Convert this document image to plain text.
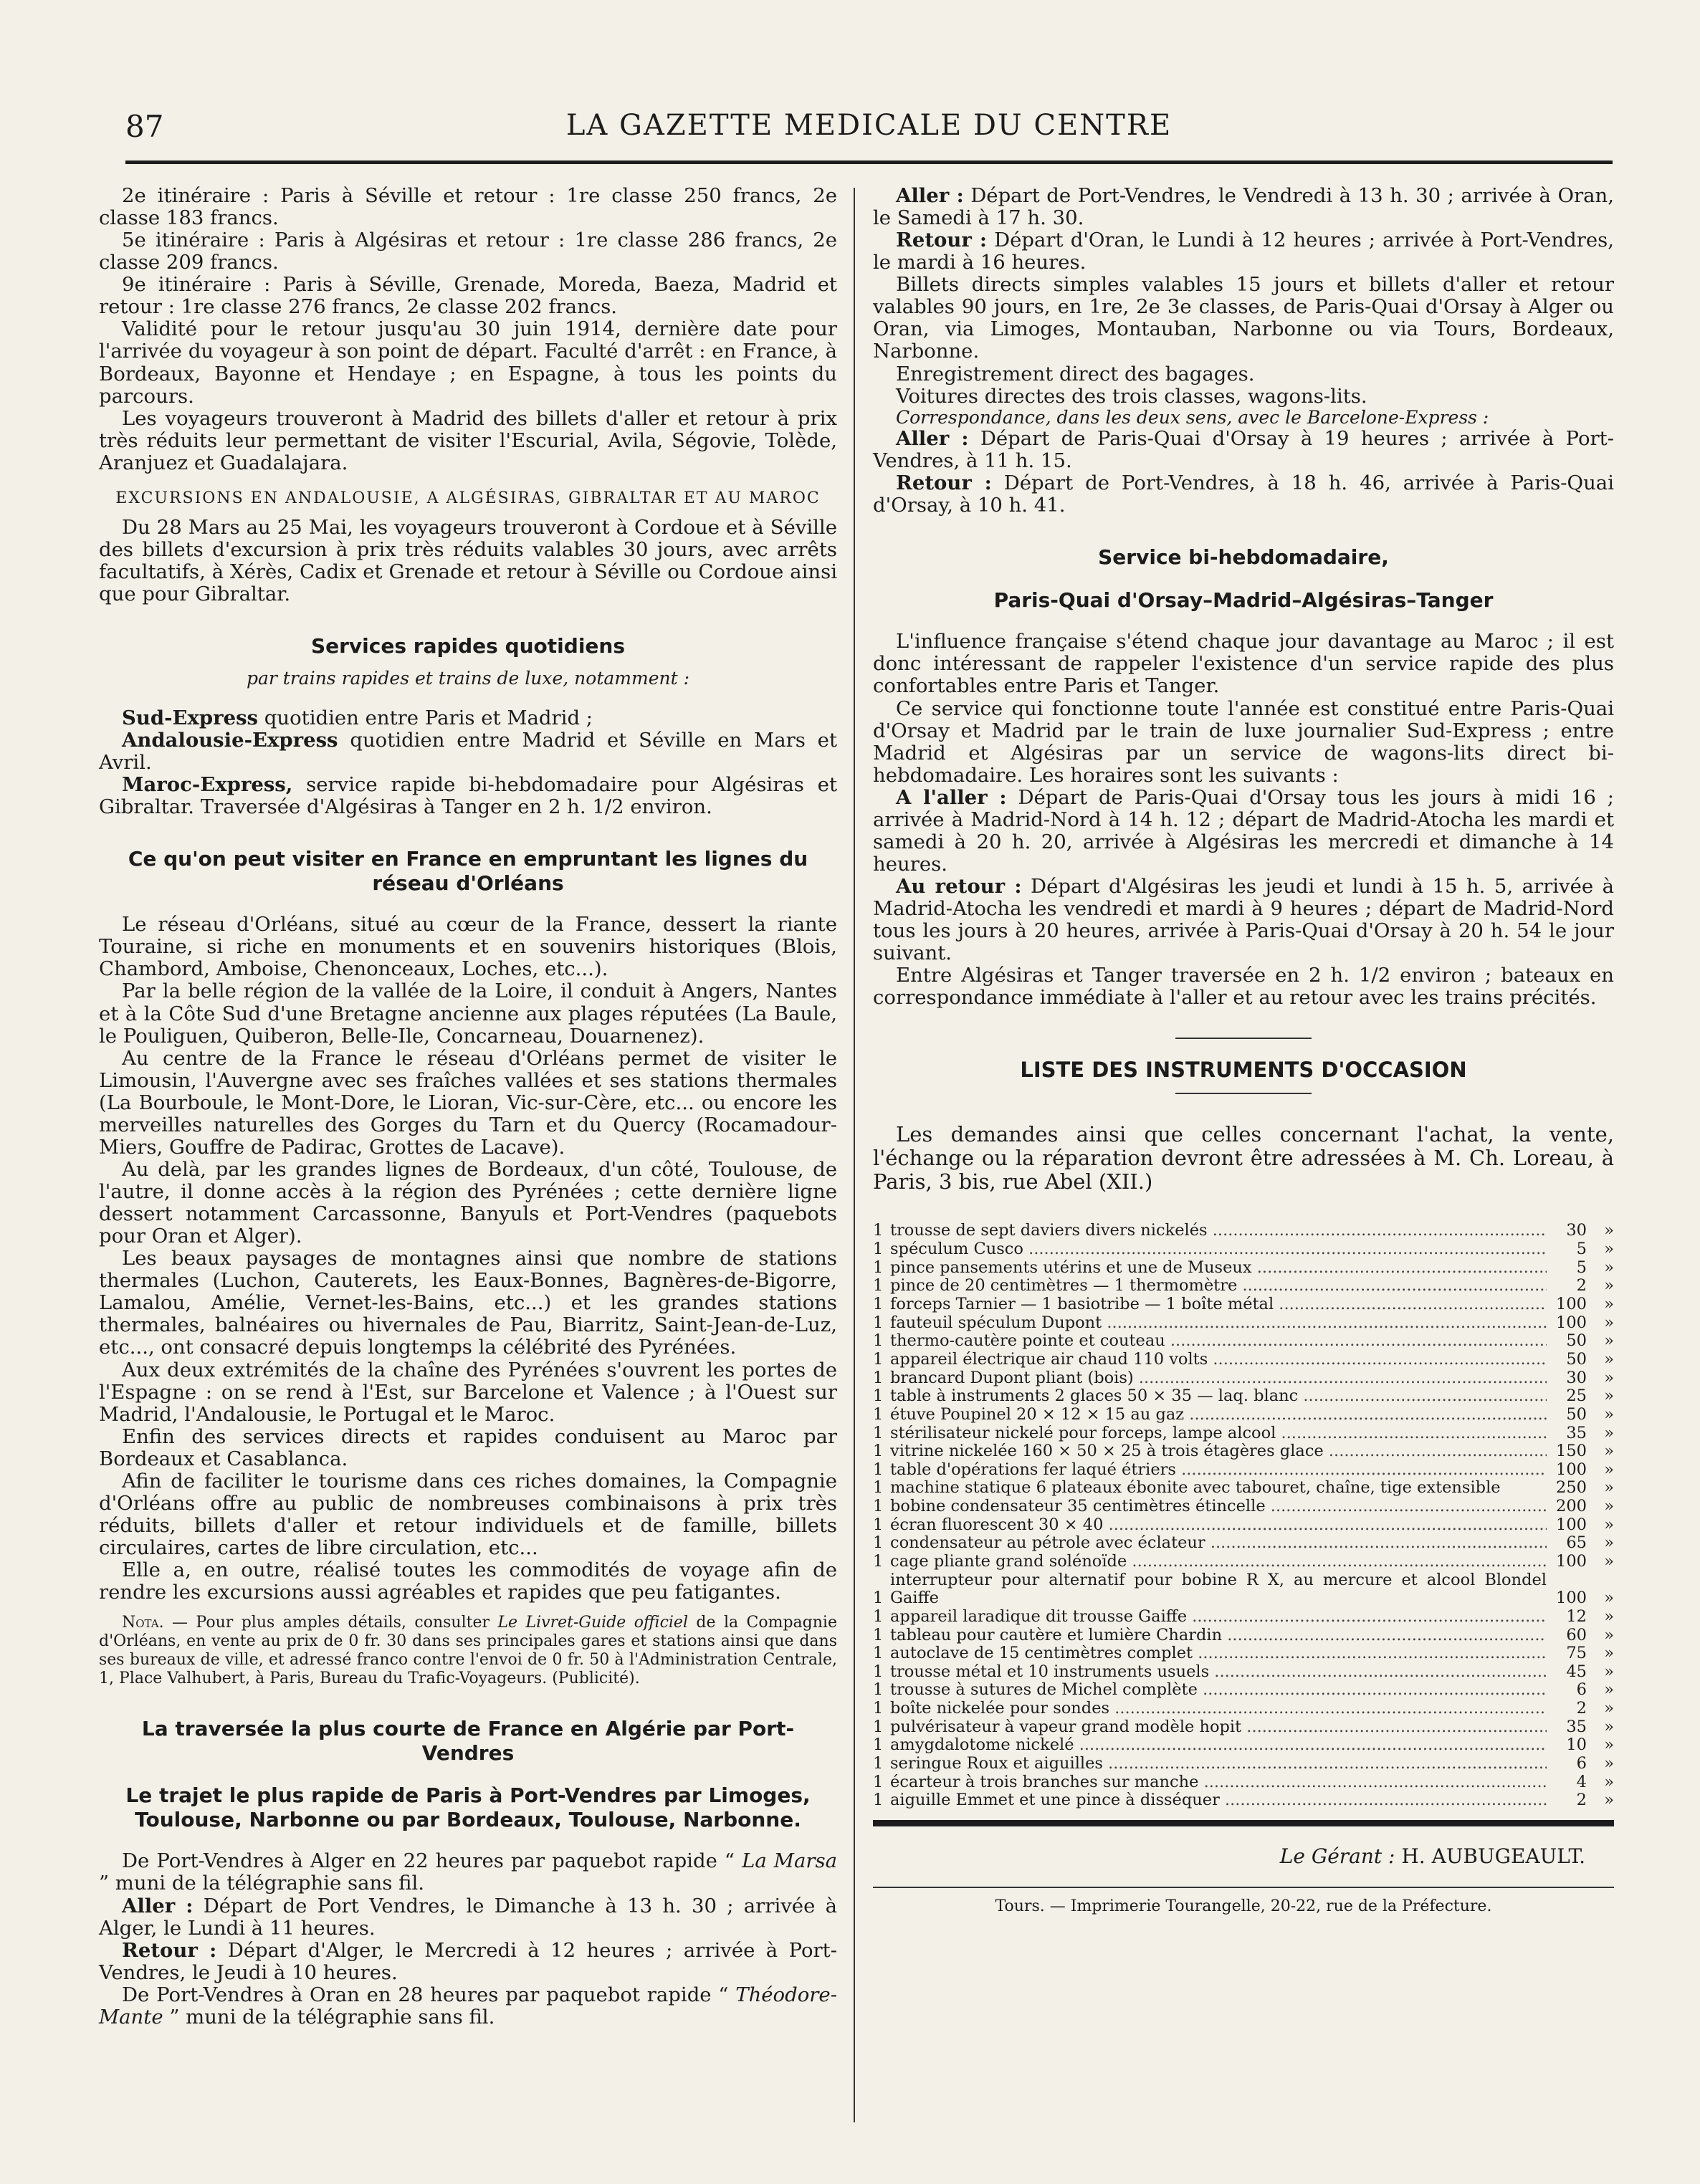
87	LA GAZETTE MEDICALE DU CENTRE

2e itinéraire : Paris à Séville et retour : 1re classe 250 francs, 2e classe 183 francs.

5e itinéraire : Paris à Algésiras et retour : 1re classe 286 francs, 2e classe 209 francs.

9e itinéraire : Paris à Séville, Grenade, Moreda, Baeza, Madrid et retour : 1re classe 276 francs, 2e classe 202 francs.

Validité pour le retour jusqu'au 30 juin 1914, dernière date pour l'arrivée du voyageur à son point de départ. Faculté d'arrêt : en France, à Bordeaux, Bayonne et Hendaye ; en Espagne, à tous les points du parcours.

Les voyageurs trouveront à Madrid des billets d'aller et retour à prix très réduits leur permettant de visiter l'Escurial, Avila, Ségovie, Tolède, Aranjuez et Guadalajara.

EXCURSIONS EN ANDALOUSIE, A ALGÉSIRAS, GIBRALTAR ET AU MAROC

Du 28 Mars au 25 Mai, les voyageurs trouveront à Cordoue et à Séville des billets d'excursion à prix très réduits valables 30 jours, avec arrêts facultatifs, à Xérès, Cadix et Grenade et retour à Séville ou Cordoue ainsi que pour Gibraltar.

Services rapides quotidiens
par trains rapides et trains de luxe, notamment :

Sud-Express quotidien entre Paris et Madrid ;

Andalousie-Express quotidien entre Madrid et Séville en Mars et Avril.

Maroc-Express, service rapide bi-hebdomadaire pour Algésiras et Gibraltar. Traversée d'Algésiras à Tanger en 2 h. 1/2 environ.

Ce qu'on peut visiter en France en empruntant les lignes du réseau d'Orléans

Le réseau d'Orléans, situé au cœur de la France, dessert la riante Touraine, si riche en monuments et en souvenirs historiques (Blois, Chambord, Amboise, Chenonceaux, Loches, etc...).

Par la belle région de la vallée de la Loire, il conduit à Angers, Nantes et à la Côte Sud d'une Bretagne ancienne aux plages réputées (La Baule, le Pouliguen, Quiberon, Belle-Ile, Concarneau, Douarnenez).

Au centre de la France le réseau d'Orléans permet de visiter le Limousin, l'Auvergne avec ses fraîches vallées et ses stations thermales (La Bourboule, le Mont-Dore, le Lioran, Vic-sur-Cère, etc... ou encore les merveilles naturelles des Gorges du Tarn et du Quercy (Rocamadour-Miers, Gouffre de Padirac, Grottes de Lacave).

Au delà, par les grandes lignes de Bordeaux, d'un côté, Toulouse, de l'autre, il donne accès à la région des Pyrénées ; cette dernière ligne dessert notamment Carcassonne, Banyuls et Port-Vendres (paquebots pour Oran et Alger).

Les beaux paysages de montagnes ainsi que nombre de stations thermales (Luchon, Cauterets, les Eaux-Bonnes, Bagnères-de-Bigorre, Lamalou, Amélie, Vernet-les-Bains, etc...) et les grandes stations thermales, balnéaires ou hivernales de Pau, Biarritz, Saint-Jean-de-Luz, etc..., ont consacré depuis longtemps la célébrité des Pyrénées.

Aux deux extrémités de la chaîne des Pyrénées s'ouvrent les portes de l'Espagne : on se rend à l'Est, sur Barcelone et Valence ; à l'Ouest sur Madrid, l'Andalousie, le Portugal et le Maroc.

Enfin des services directs et rapides conduisent au Maroc par Bordeaux et Casablanca.

Afin de faciliter le tourisme dans ces riches domaines, la Compagnie d'Orléans offre au public de nombreuses combinaisons à prix très réduits, billets d'aller et retour individuels et de famille, billets circulaires, cartes de libre circulation, etc...

Elle a, en outre, réalisé toutes les commodités de voyage afin de rendre les excursions aussi agréables et rapides que peu fatigantes.

Nota. — Pour plus amples détails, consulter Le Livret-Guide officiel de la Compagnie d'Orléans, en vente au prix de 0 fr. 30 dans ses principales gares et stations ainsi que dans ses bureaux de ville, et adressé franco contre l'envoi de 0 fr. 50 à l'Administration Centrale, 1, Place Valhubert, à Paris, Bureau du Trafic-Voyageurs. (Publicité).

La traversée la plus courte de France en Algérie par Port-Vendres
Le trajet le plus rapide de Paris à Port-Vendres par Limoges, Toulouse, Narbonne ou par Bordeaux, Toulouse, Narbonne.

De Port-Vendres à Alger en 22 heures par paquebot rapide “ La Marsa ” muni de la télégraphie sans fil.

Aller : Départ de Port Vendres, le Dimanche à 13 h. 30 ; arrivée à Alger, le Lundi à 11 heures.

Retour : Départ d'Alger, le Mercredi à 12 heures ; arrivée à Port-Vendres, le Jeudi à 10 heures.

De Port-Vendres à Oran en 28 heures par paquebot rapide “ Théodore-Mante ” muni de la télégraphie sans fil.

Aller : Départ de Port-Vendres, le Vendredi à 13 h. 30 ; arrivée à Oran, le Samedi à 17 h. 30.

Retour : Départ d'Oran, le Lundi à 12 heures ; arrivée à Port-Vendres, le mardi à 16 heures.

Billets directs simples valables 15 jours et billets d'aller et retour valables 90 jours, en 1re, 2e 3e classes, de Paris-Quai d'Orsay à Alger ou Oran, via Limoges, Montauban, Narbonne ou via Tours, Bordeaux, Narbonne.

Enregistrement direct des bagages.

Voitures directes des trois classes, wagons-lits.

Correspondance, dans les deux sens, avec le Barcelone-Express :

Aller : Départ de Paris-Quai d'Orsay à 19 heures ; arrivée à Port-Vendres, à 11 h. 15.

Retour : Départ de Port-Vendres, à 18 h. 46, arrivée à Paris-Quai d'Orsay, à 10 h. 41.

Service bi-hebdomadaire,
Paris-Quai d'Orsay–Madrid–Algésiras–Tanger

L'influence française s'étend chaque jour davantage au Maroc ; il est donc intéressant de rappeler l'existence d'un service rapide des plus confortables entre Paris et Tanger.

Ce service qui fonctionne toute l'année est constitué entre Paris-Quai d'Orsay et Madrid par le train de luxe journalier Sud-Express ; entre Madrid et Algésiras par un service de wagons-lits direct bi-hebdomadaire. Les horaires sont les suivants :

A l'aller : Départ de Paris-Quai d'Orsay tous les jours à midi 16 ; arrivée à Madrid-Nord à 14 h. 12 ; départ de Madrid-Atocha les mardi et samedi à 20 h. 20, arrivée à Algésiras les mercredi et dimanche à 14 heures.

Au retour : Départ d'Algésiras les jeudi et lundi à 15 h. 5, arrivée à Madrid-Atocha les vendredi et mardi à 9 heures ; départ de Madrid-Nord tous les jours à 20 heures, arrivée à Paris-Quai d'Orsay à 20 h. 54 le jour suivant.

Entre Algésiras et Tanger traversée en 2 h. 1/2 environ ; bateaux en correspondance immédiate à l'aller et au retour avec les trains précités.

LISTE DES INSTRUMENTS D'OCCASION

Les demandes ainsi que celles concernant l'achat, la vente, l'échange ou la réparation devront être adressées à M. Ch. Loreau, à Paris, 3 bis, rue Abel (XII.)

1 trousse de sept daviers divers nickelés .....	30	»
1 spéculum Cusco .....	5	»
1 pince pansements utérins et une de Museux .....	5	»
1 pince de 20 centimètres — 1 thermomètre .....	2	»
1 forceps Tarnier — 1 basiotribe — 1 boîte métal .....	100	»
1 fauteuil spéculum Dupont .....	100	»
1 thermo-cautère pointe et couteau .....	50	»
1 appareil électrique air chaud 110 volts .....	50	»
1 brancard Dupont pliant (bois) .....	30	»
1 table à instruments 2 glaces 50 × 35 — laq. blanc .....	25	»
1 étuve Poupinel 20 × 12 × 15 au gaz .....	50	»
1 stérilisateur nickelé pour forceps, lampe alcool .....	35	»
1 vitrine nickelée 160 × 50 × 25 à trois étagères glace .....	150	»
1 table d'opérations fer laqué étriers .....	100	»
1 machine statique 6 plateaux ébonite avec tabouret, chaîne, tige extensible	250	»
1 bobine condensateur 35 centimètres étincelle .....	200	»
1 écran fluorescent 30 × 40 .....	100	»
1 condensateur au pétrole avec éclateur .....	65	»
1 cage pliante grand solénoïde .....	100	»
1
interrupteur pour alternatif pour bobine R X, au mercure et alcool Blondel Gaiffe	100	»
1 appareil laradique dit trousse Gaiffe .....	12	»
1 tableau pour cautère et lumière Chardin .....	60	»
1 autoclave de 15 centimètres complet .....	75	»
1 trousse métal et 10 instruments usuels .....	45	»
1 trousse à sutures de Michel complète .....	6	»
1 boîte nickelée pour sondes .....	2	»
1 pulvérisateur à vapeur grand modèle hopit .....	35	»
1 amygdalotome nickelé .....	10	»
1 seringue Roux et aiguilles .....	6	»
1 écarteur à trois branches sur manche .....	4	»
1 aiguille Emmet et une pince à disséquer .....	2	»
Le Gérant : H. AUBUGEAULT.
Tours. — Imprimerie Tourangelle, 20-22, rue de la Préfecture.
